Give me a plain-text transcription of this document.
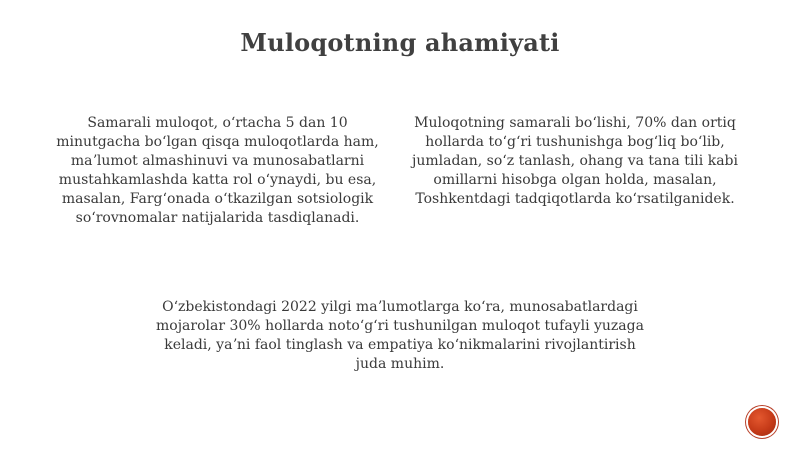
Muloqotning ahamiyati
Samarali muloqot, oʻrtacha 5 dan 10 minutgacha boʻlgan qisqa muloqotlarda ham, maʼlumot almashinuvi va munosabatlarni mustahkamlashda katta rol oʻynaydi, bu esa, masalan, Fargʻonada oʻtkazilgan sotsiologik soʻrovnomalar natijalarida tasdiqlanadi.
Muloqotning samarali boʻlishi, 70% dan ortiq hollarda toʻgʻri tushunishga bogʻliq boʻlib, jumladan, soʻz tanlash, ohang va tana tili kabi omillarni hisobga olgan holda, masalan, Toshkentdagi tadqiqotlarda koʻrsatilganidek.
Oʻzbekistondagi 2022 yilgi maʼlumotlarga koʻra, munosabatlardagi mojarolar 30% hollarda notoʻgʻri tushunilgan muloqot tufayli yuzaga keladi, yaʼni faol tinglash va empatiya koʻnikmalarini rivojlantirish juda muhim.
